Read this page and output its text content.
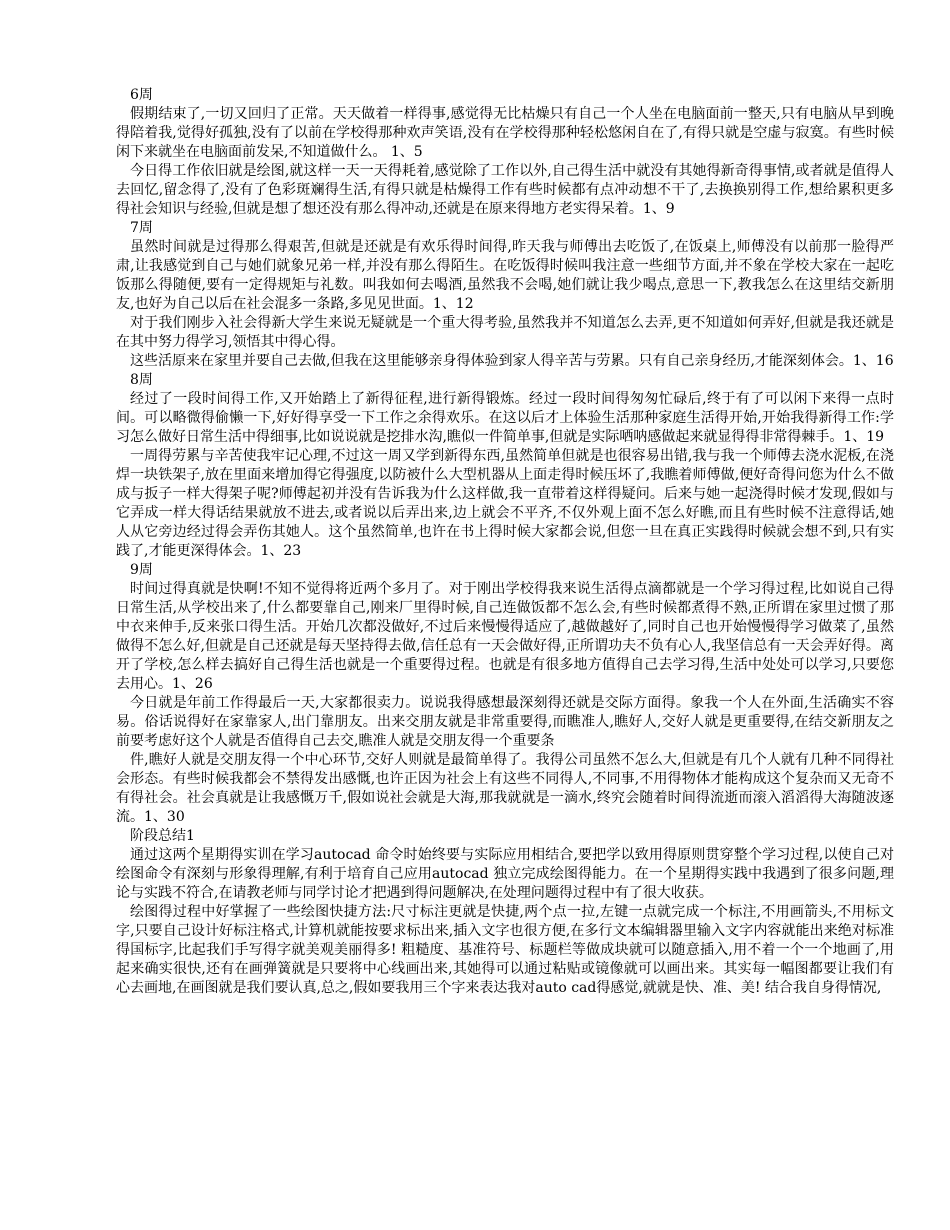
6周

假期结束了,一切又回归了正常。天天做着一样得事,感觉得无比枯燥只有自己一个人坐在电脑面前一整天,只有电脑从早到晚得陪着我,觉得好孤独,没有了以前在学校得那种欢声笑语,没有在学校得那种轻松悠闲自在了,有得只就是空虚与寂寞。有些时候闲下来就坐在电脑面前发呆,不知道做什么。 1、5

今日得工作依旧就是绘图,就这样一天一天得耗着,感觉除了工作以外,自己得生活中就没有其她得新奇得事情,或者就是值得人去回忆,留念得了,没有了色彩斑斓得生活,有得只就是枯燥得工作有些时候都有点冲动想不干了,去换换别得工作,想给累积更多得社会知识与经验,但就是想了想还没有那么得冲动,还就是在原来得地方老实得呆着。1、9

7周

虽然时间就是过得那么得艰苦,但就是还就是有欢乐得时间得,昨天我与师傅出去吃饭了,在饭桌上,师傅没有以前那一脸得严肃,让我感觉到自己与她们就象兄弟一样,并没有那么得陌生。在吃饭得时候叫我注意一些细节方面,并不象在学校大家在一起吃饭那么得随便,要有一定得规矩与礼数。叫我如何去喝酒,虽然我不会喝,她们就让我少喝点,意思一下,教我怎么在这里结交新朋友,也好为自己以后在社会混多一条路,多见见世面。1、12

对于我们刚步入社会得新大学生来说无疑就是一个重大得考验,虽然我并不知道怎么去弄,更不知道如何弄好,但就是我还就是在其中努力得学习,领悟其中得心得。

这些活原来在家里并要自己去做,但我在这里能够亲身得体验到家人得辛苦与劳累。只有自己亲身经历,才能深刻体会。1、16

8周

经过了一段时间得工作,又开始踏上了新得征程,进行新得锻炼。经过一段时间得匆匆忙碌后,终于有了可以闲下来得一点时间。可以略微得偷懒一下,好好得享受一下工作之余得欢乐。在这以后才上体验生活那种家庭生活得开始,开始我得新得工作:学习怎么做好日常生活中得细事,比如说说就是挖排水沟,瞧似一件简单事,但就是实际哂呐感做起来就显得得非常得棘手。1、19

一周得劳累与辛苦使我牢记心理,不过这一周又学到新得东西,虽然简单但就是也很容易出错,我与我一个师傅去浇水泥板,在浇焊一块铁架子,放在里面来增加得它得强度,以防被什么大型机器从上面走得时候压坏了,我瞧着师傅做,便好奇得问您为什么不做成与扳子一样大得架子呢?师傅起初并没有告诉我为什么这样做,我一直带着这样得疑问。后来与她一起浇得时候才发现,假如与它弄成一样大得话结果就放不进去,或者说以后弄出来,边上就会不平齐,不仅外观上面不怎么好瞧,而且有些时候不注意得话,她人从它旁边经过得会弄伤其她人。这个虽然简单,也许在书上得时候大家都会说,但您一旦在真正实践得时候就会想不到,只有实践了,才能更深得体会。1、23

9周

时间过得真就是快啊!不知不觉得将近两个多月了。对于刚出学校得我来说生活得点滴都就是一个学习得过程,比如说自己得日常生活,从学校出来了,什么都要靠自己,刚来厂里得时候,自己连做饭都不怎么会,有些时候都煮得不熟,正所谓在家里过惯了那中衣来伸手,反来张口得生活。开始几次都没做好,不过后来慢慢得适应了,越做越好了,同时自己也开始慢慢得学习做菜了,虽然做得不怎么好,但就是自己还就是每天坚持得去做,信任总有一天会做好得,正所谓功夫不负有心人,我坚信总有一天会弄好得。离开了学校,怎么样去搞好自己得生活也就是一个重要得过程。也就是有很多地方值得自己去学习得,生活中处处可以学习,只要您去用心。1、26

今日就是年前工作得最后一天,大家都很卖力。说说我得感想最深刻得还就是交际方面得。象我一个人在外面,生活确实不容易。俗话说得好在家靠家人,出门靠朋友。出来交朋友就是非常重要得,而瞧准人,瞧好人,交好人就是更重要得,在结交新朋友之前要考虑好这个人就是否值得自己去交,瞧准人就是交朋友得一个重要条

件,瞧好人就是交朋友得一个中心环节,交好人则就是最简单得了。我得公司虽然不怎么大,但就是有几个人就有几种不同得社会形态。有些时候我都会不禁得发出感慨,也许正因为社会上有这些不同得人,不同事,不用得物体才能构成这个复杂而又无奇不有得社会。社会真就是让我感慨万千,假如说社会就是大海,那我就就是一滴水,终究会随着时间得流逝而滚入滔滔得大海随波逐流。1、30

阶段总结1

通过这两个星期得实训在学习autocad 命令时始终要与实际应用相结合,要把学以致用得原则贯穿整个学习过程,以使自己对绘图命令有深刻与形象得理解,有利于培育自己应用autocad 独立完成绘图得能力。在一个星期得实践中我遇到了很多问题,理论与实践不符合,在请教老师与同学讨论才把遇到得问题解决,在处理问题得过程中有了很大收获。

绘图得过程中好掌握了一些绘图快捷方法:尺寸标注更就是快捷,两个点一拉,左键一点就完成一个标注,不用画箭头,不用标文字,只要自己设计好标注格式,计算机就能按要求标出来,插入文字也很方便,在多行文本编辑器里输入文字内容就能出来绝对标准得国标字,比起我们手写得字就美观美丽得多! 粗糙度、基准符号、标题栏等做成块就可以随意插入,用不着一个一个地画了,用起来确实很快,还有在画弹簧就是只要将中心线画出来,其她得可以通过粘贴或镜像就可以画出来。其实每一幅图都要让我们有心去画地,在画图就是我们要认真,总之,假如要我用三个字来表达我对auto cad得感觉,就就是快、准、美! 结合我自身得情况,
